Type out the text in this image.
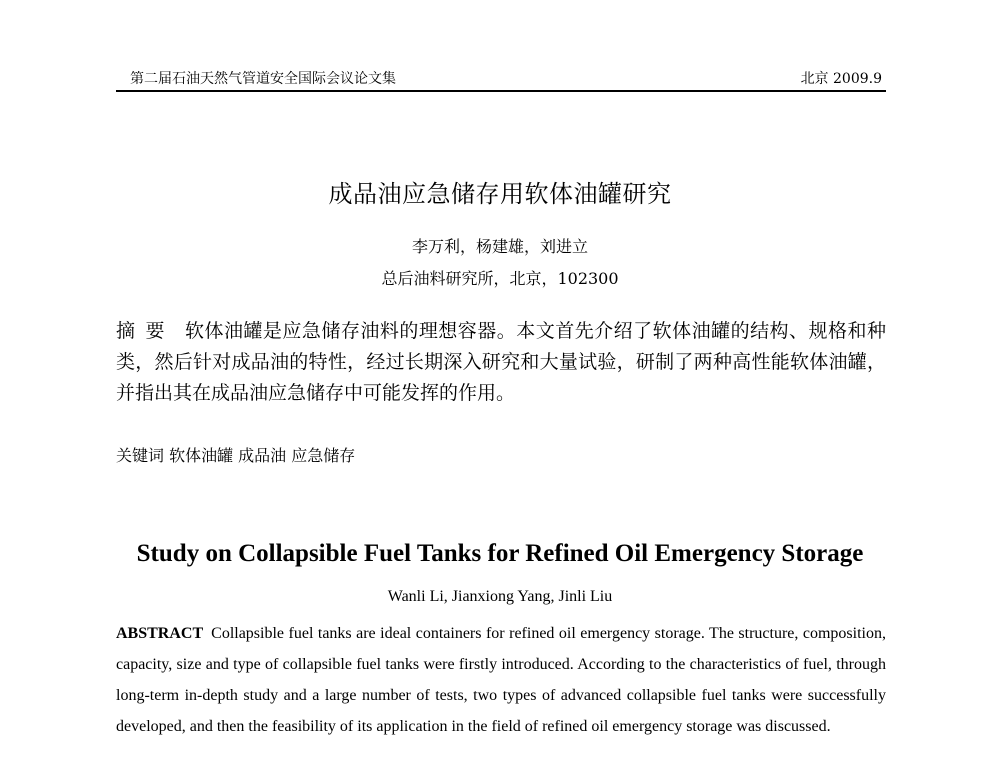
第二届石油天然气管道安全国际会议论文集	北京 2009.9
成品油应急储存用软体油罐研究
李万利，杨建雄，刘进立
总后油料研究所，北京，102300
摘要 软体油罐是应急储存油料的理想容器。本文首先介绍了软体油罐的结构、规格和种类，然后针对成品油的特性，经过长期深入研究和大量试验，研制了两种高性能软体油罐，并指出其在成品油应急储存中可能发挥的作用。
关键词 软体油罐 成品油 应急储存
Study on Collapsible Fuel Tanks for Refined Oil Emergency Storage
Wanli Li, Jianxiong Yang, Jinli Liu
ABSTRACT Collapsible fuel tanks are ideal containers for refined oil emergency storage. The structure, composition, capacity, size and type of collapsible fuel tanks were firstly introduced. According to the characteristics of fuel, through long-term in-depth study and a large number of tests, two types of advanced collapsible fuel tanks were successfully developed, and then the feasibility of its application in the field of refined oil emergency storage was discussed.
